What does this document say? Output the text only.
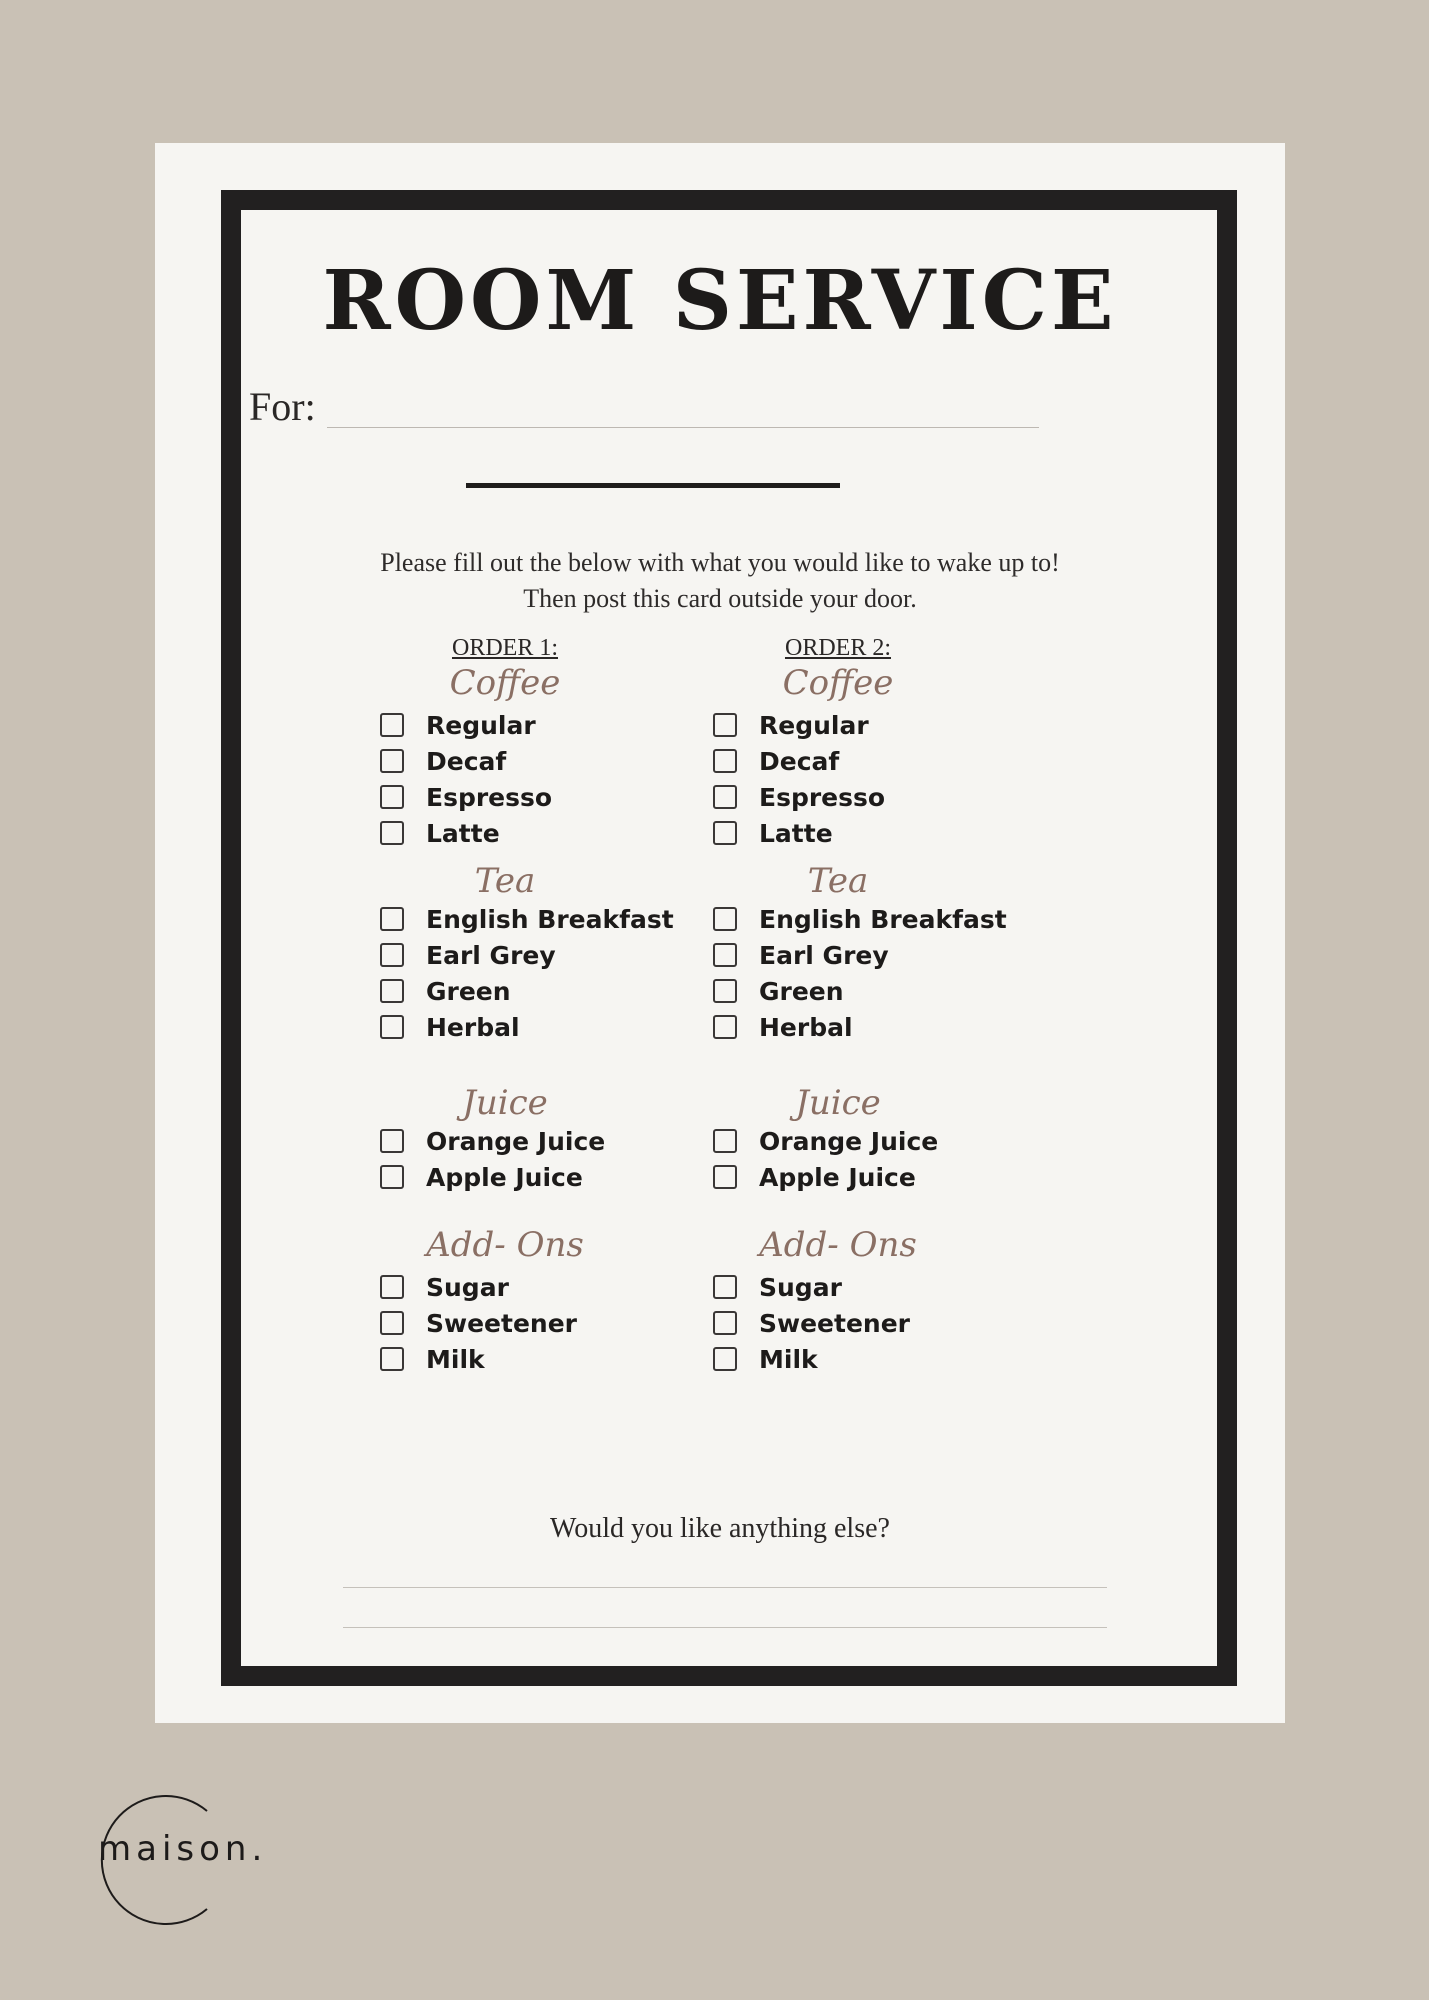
ROOM SERVICE
For:
Please fill out the below with what you would like to wake up to!
Then post this card outside your door.
ORDER 1:
Coffee
Regular
Decaf
Espresso
Latte
Tea
English Breakfast
Earl Grey
Green
Herbal
Juice
Orange Juice
Apple Juice
Add- Ons
Sugar
Sweetener
Milk
ORDER 2:
Coffee
Regular
Decaf
Espresso
Latte
Tea
English Breakfast
Earl Grey
Green
Herbal
Juice
Orange Juice
Apple Juice
Add- Ons
Sugar
Sweetener
Milk
Would you like anything else?
maison.
